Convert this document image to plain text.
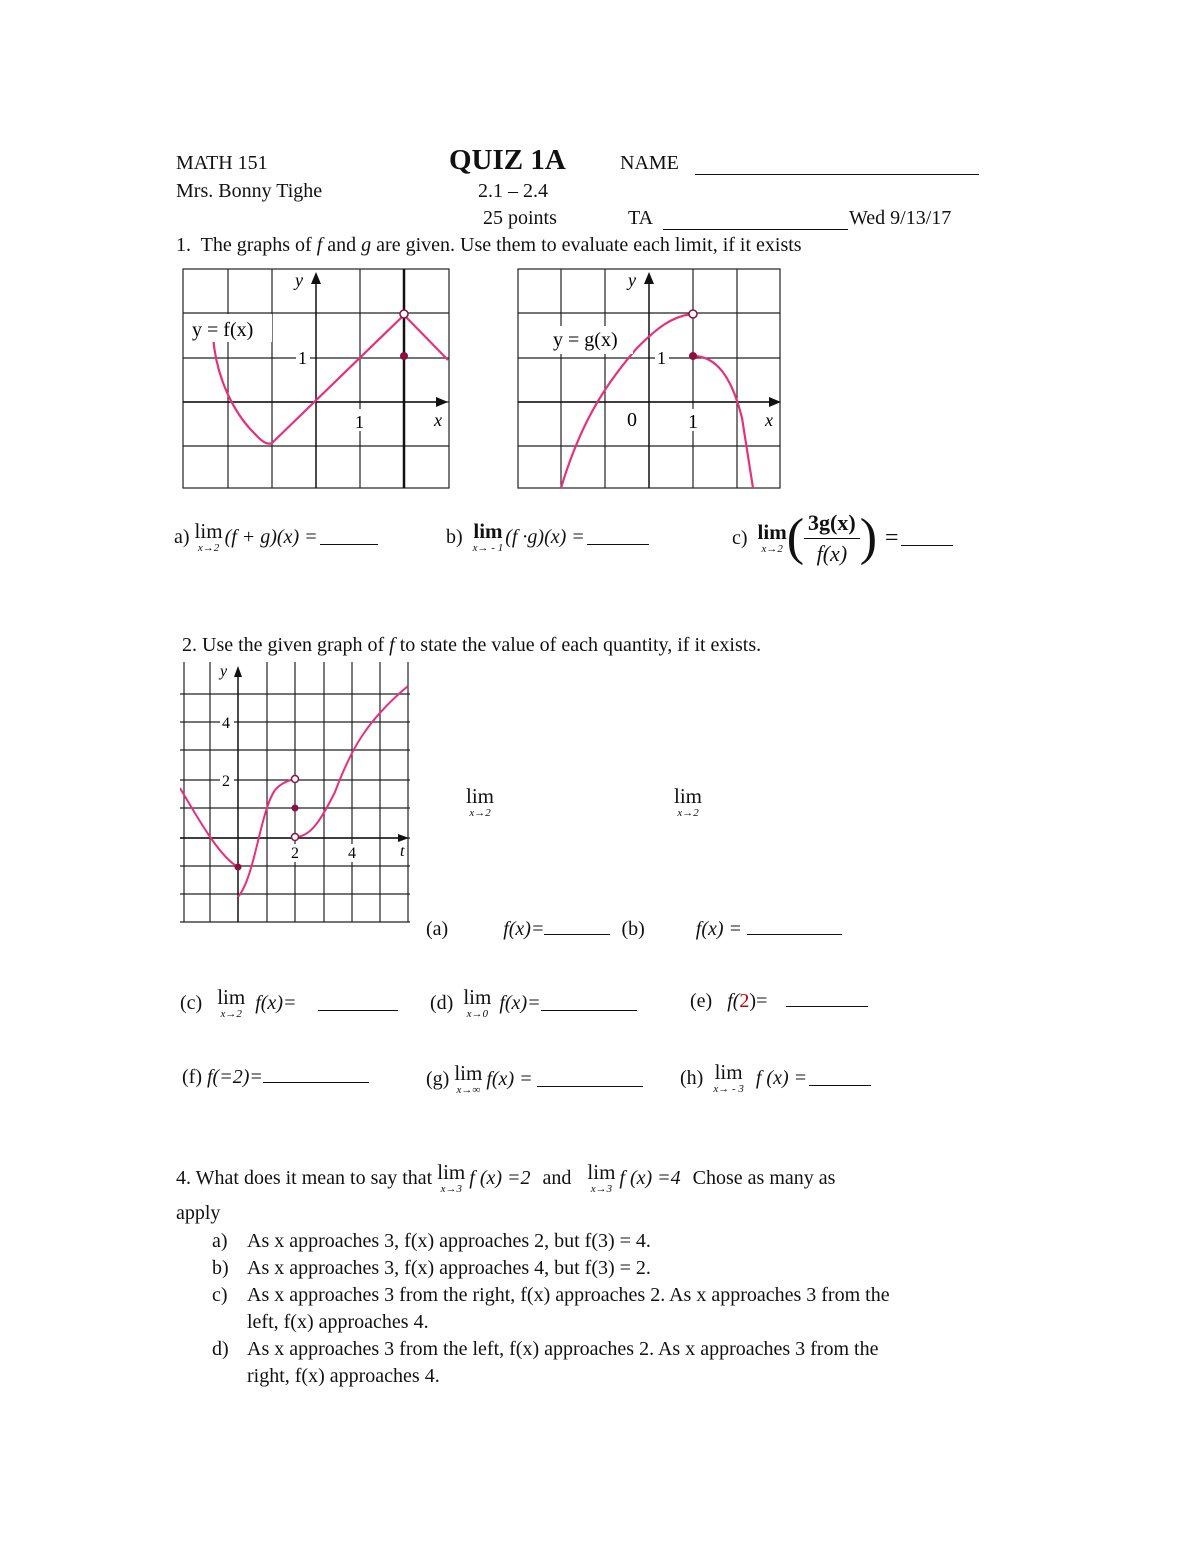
MATH 151	QUIZ 1A	NAME
Mrs. Bonny Tighe	2.1 – 2.4
25 points	TA	Wed 9/13/17
1. The graphs of f and g are given. Use them to evaluate each limit, if it exists
y = f(x)
1
1
y
x
y = g(x)
1
0	1
y
x
a)
lim
x→2 (f + g)(x) =	b)
lim
x→ - 1 (f ·g)(x) =	c)
lim
x→2 ( $\frac{3g(x)}{f(x)}$ ) =
2. Use the given graph of f to state the value of each quantity, if it exists.
y
4
2
2	4	t
lim
x→2
lim
x→2
(a)	f(x)=	(b)	f(x) =
(c)
lim
x→2 f(x)=	(d)
lim
x→0 f(x)=	(e) f(2)=
(f) f(=2)=	(g)
lim
x→∞ f(x) =	(h)
lim
x→ - 3 f (x) =
4. What does it mean to say that
lim
x→3 f (x) =2 and lim
x→3 f (x) =4 Chose as many as
apply
a) As x approaches 3, f(x) approaches 2, but f(3) = 4.
b) As x approaches 3, f(x) approaches 4, but f(3) = 2.
c) As x approaches 3 from the right, f(x) approaches 2. As x approaches 3 from the
left, f(x) approaches 4.
d) As x approaches 3 from the left, f(x) approaches 2. As x approaches 3 from the
right, f(x) approaches 4.
